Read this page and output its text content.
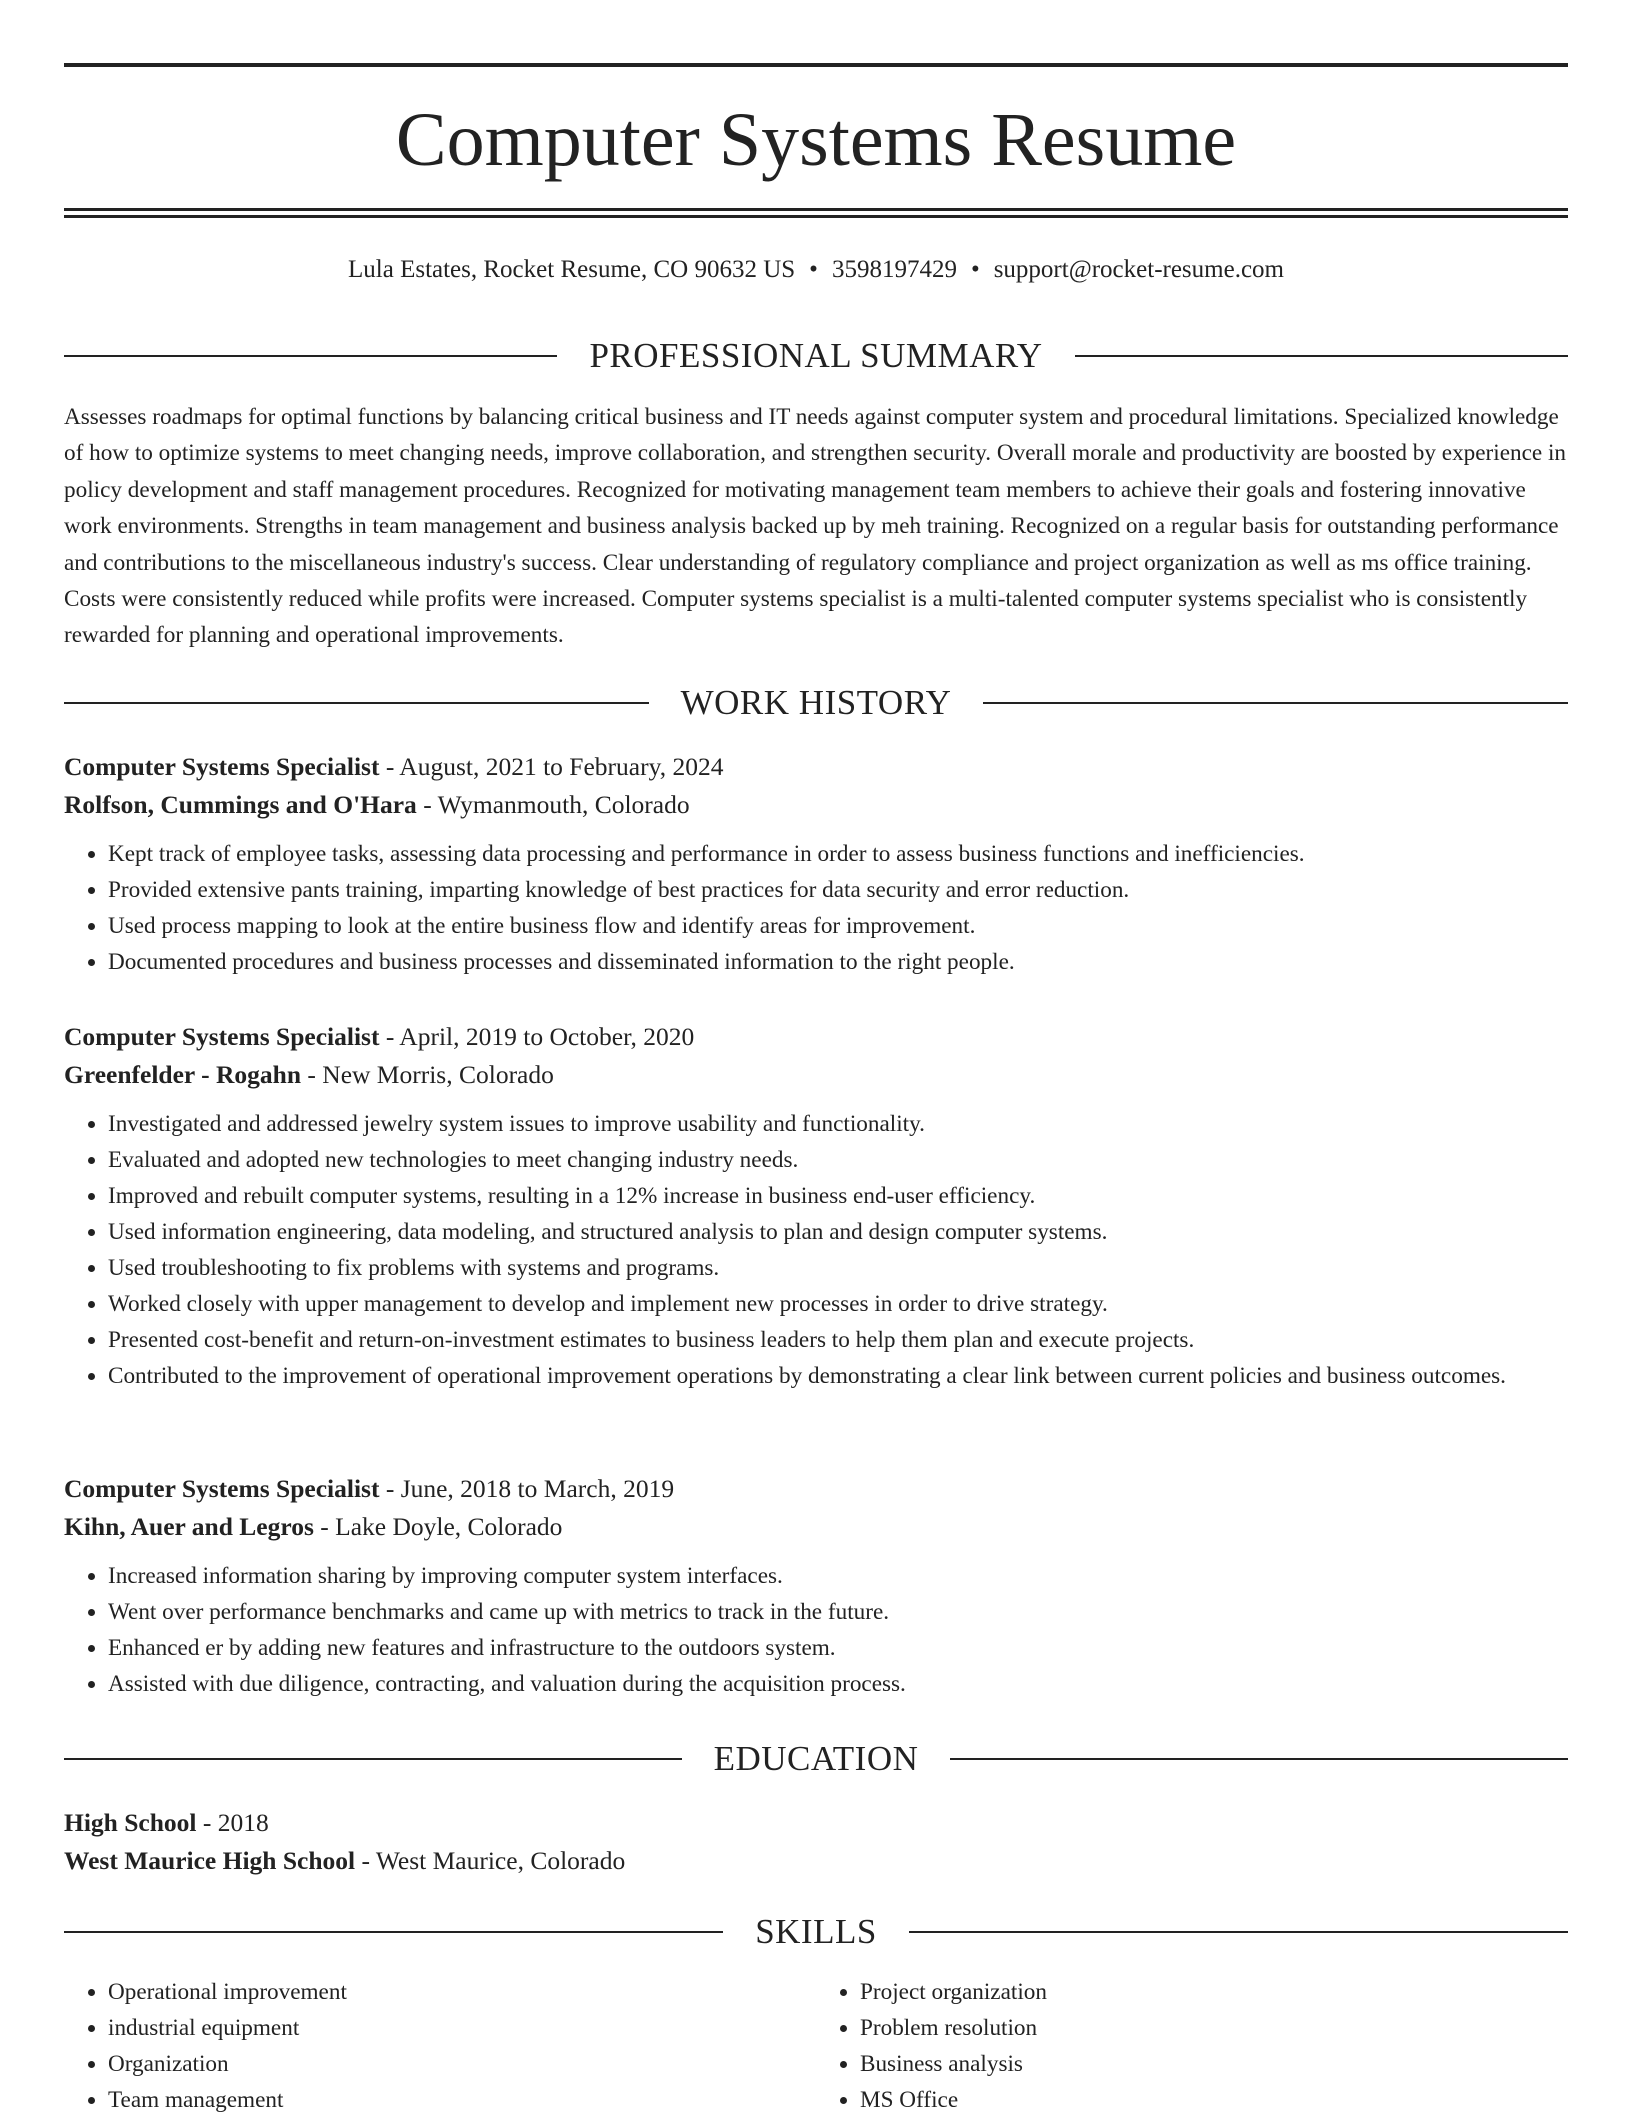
Computer Systems Resume
Lula Estates, Rocket Resume, CO 90632 US • 3598197429 • support@rocket-resume.com
PROFESSIONAL SUMMARY

Assesses roadmaps for optimal functions by balancing critical business and IT needs against computer system and procedural limitations. Specialized knowledge of how to optimize systems to meet changing needs, improve collaboration, and strengthen security. Overall morale and productivity are boosted by experience in policy development and staff management procedures. Recognized for motivating management team members to achieve their goals and fostering innovative work environments. Strengths in team management and business analysis backed up by meh training. Recognized on a regular basis for outstanding performance and contributions to the miscellaneous industry's success. Clear understanding of regulatory compliance and project organization as well as ms office training. Costs were consistently reduced while profits were increased. Computer systems specialist is a multi-talented computer systems specialist who is consistently rewarded for planning and operational improvements.

WORK HISTORY
Computer Systems Specialist - August, 2021 to February, 2024
Rolfson, Cummings and O'Hara - Wymanmouth, Colorado
• Kept track of employee tasks, assessing data processing and performance in order to assess business functions and inefficiencies.
• Provided extensive pants training, imparting knowledge of best practices for data security and error reduction.
• Used process mapping to look at the entire business flow and identify areas for improvement.
• Documented procedures and business processes and disseminated information to the right people.
Computer Systems Specialist - April, 2019 to October, 2020
Greenfelder - Rogahn - New Morris, Colorado
• Investigated and addressed jewelry system issues to improve usability and functionality.
• Evaluated and adopted new technologies to meet changing industry needs.
• Improved and rebuilt computer systems, resulting in a 12% increase in business end-user efficiency.
• Used information engineering, data modeling, and structured analysis to plan and design computer systems.
• Used troubleshooting to fix problems with systems and programs.
• Worked closely with upper management to develop and implement new processes in order to drive strategy.
• Presented cost-benefit and return-on-investment estimates to business leaders to help them plan and execute projects.
• Contributed to the improvement of operational improvement operations by demonstrating a clear link between current policies and business outcomes.
Computer Systems Specialist - June, 2018 to March, 2019
Kihn, Auer and Legros - Lake Doyle, Colorado
• Increased information sharing by improving computer system interfaces.
• Went over performance benchmarks and came up with metrics to track in the future.
• Enhanced er by adding new features and infrastructure to the outdoors system.
• Assisted with due diligence, contracting, and valuation during the acquisition process.
EDUCATION
High School - 2018
West Maurice High School - West Maurice, Colorado
SKILLS
• Operational improvement
• industrial equipment
• Organization
• Team management
• Project organization
• Problem resolution
• Business analysis
• MS Office
